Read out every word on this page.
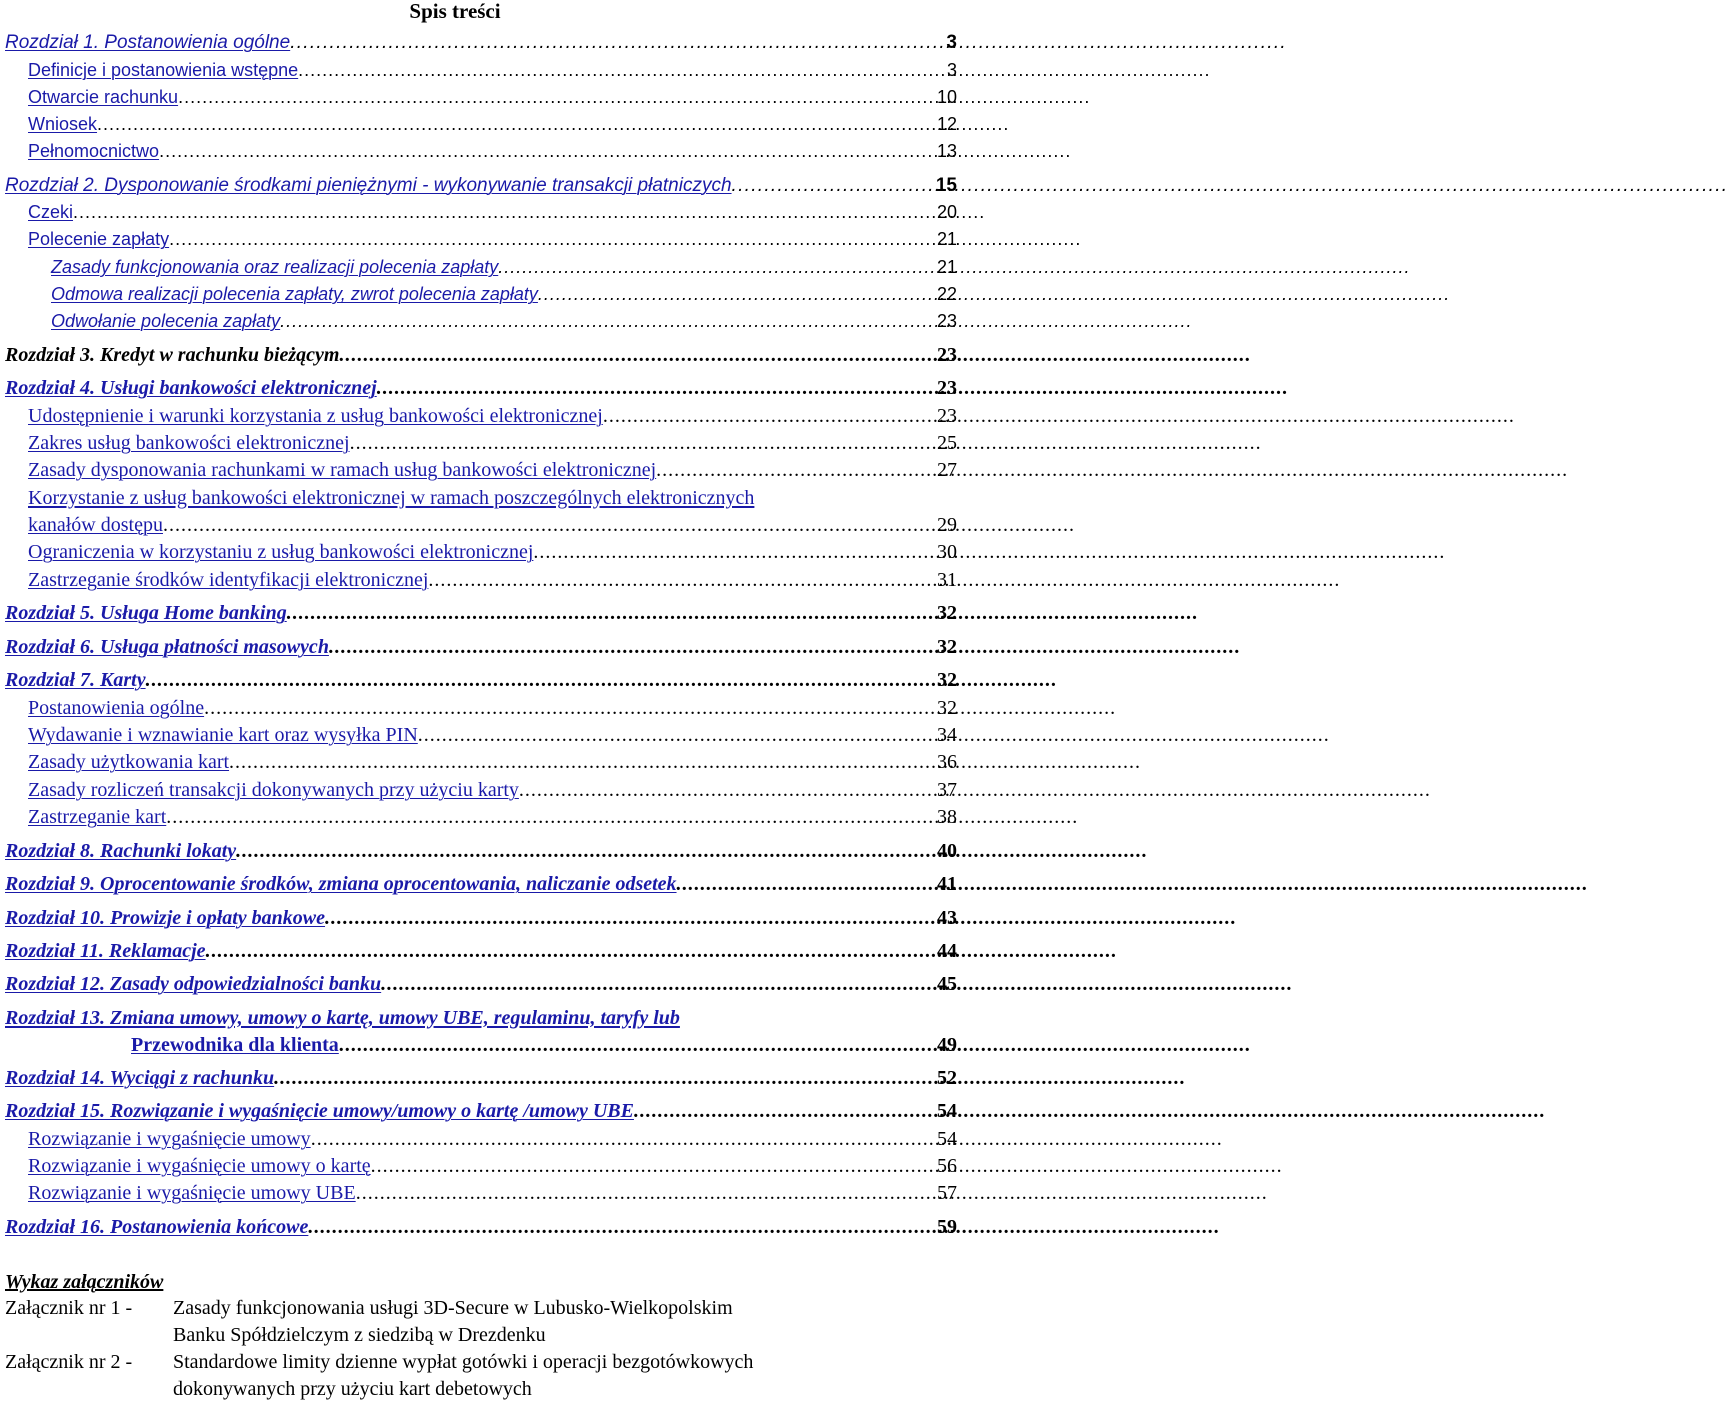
Spis treści
Rozdział 1. Postanowienia ogólne . . .	3
Definicje i postanowienia wstępne . . .	3
Otwarcie rachunku . . .	10
Wniosek . . .	12
Pełnomocnictwo . . .	13
Rozdział 2. Dysponowanie środkami pieniężnymi - wykonywanie transakcji płatniczych . . .	15
Czeki . . .	20
Polecenie zapłaty . . .	21
Zasady funkcjonowania oraz realizacji polecenia zapłaty . . .	21
Odmowa realizacji polecenia zapłaty, zwrot polecenia zapłaty . . .	22
Odwołanie polecenia zapłaty . . .	23
Rozdział 3. Kredyt w rachunku bieżącym . . .	23
Rozdział 4. Usługi bankowości elektronicznej . . .	23
Udostępnienie i warunki korzystania z usług bankowości elektronicznej . . .	23
Zakres usług bankowości elektronicznej . . .	25
Zasady dysponowania rachunkami w ramach usług bankowości elektronicznej . . .	27
Korzystanie z usług bankowości elektronicznej w ramach poszczególnych elektronicznych
kanałów dostępu . . .	29
Ograniczenia w korzystaniu z usług bankowości elektronicznej . . .	30
Zastrzeganie środków identyfikacji elektronicznej . . .	31
Rozdział 5. Usługa Home banking . . .	32
Rozdział 6. Usługa płatności masowych . . .	32
Rozdział 7. Karty . . .	32
Postanowienia ogólne . . .	32
Wydawanie i wznawianie kart oraz wysyłka PIN . . .	34
Zasady użytkowania kart . . .	36
Zasady rozliczeń transakcji dokonywanych przy użyciu karty . . .	37
Zastrzeganie kart . . .	38
Rozdział 8. Rachunki lokaty . . .	40
Rozdział 9. Oprocentowanie środków, zmiana oprocentowania, naliczanie odsetek . . .	41
Rozdział 10. Prowizje i opłaty bankowe . . .	43
Rozdział 11. Reklamacje . . .	44
Rozdział 12. Zasady odpowiedzialności banku . . .	45
Rozdział 13. Zmiana umowy, umowy o kartę, umowy UBE, regulaminu, taryfy lub
Przewodnika dla klienta . . .	49
Rozdział 14. Wyciągi z rachunku . . .	52
Rozdział 15. Rozwiązanie i wygaśnięcie umowy/umowy o kartę /umowy UBE . . .	54
Rozwiązanie i wygaśnięcie umowy . . .	54
Rozwiązanie i wygaśnięcie umowy o kartę . . .	56
Rozwiązanie i wygaśnięcie umowy UBE . . .	57
Rozdział 16. Postanowienia końcowe . . .	59
Wykaz załączników
Załącznik nr 1 - Zasady funkcjonowania usługi 3D-Secure w Lubusko-Wielkopolskim
Banku Spółdzielczym z siedzibą w Drezdenku
Załącznik nr 2 - Standardowe limity dzienne wypłat gotówki i operacji bezgotówkowych
dokonywanych przy użyciu kart debetowych
